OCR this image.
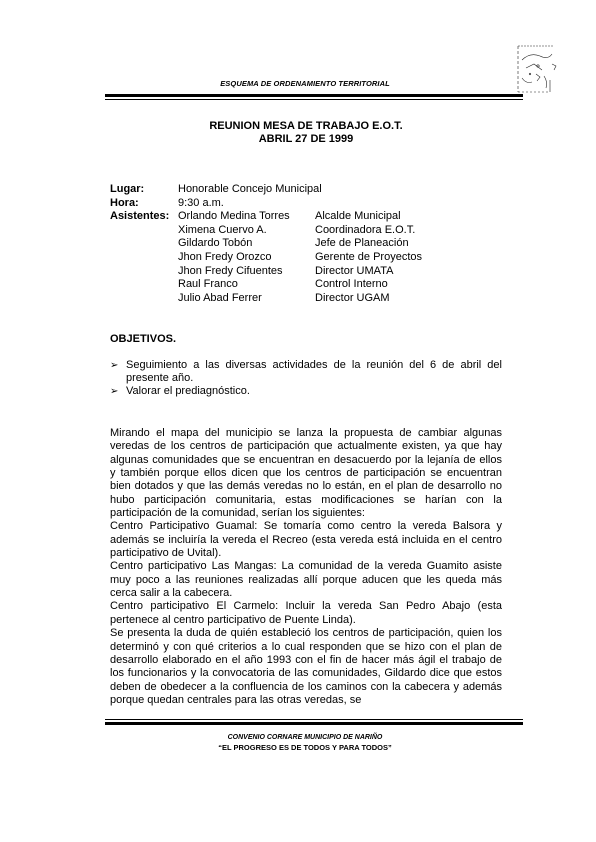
ESQUEMA DE ORDENAMIENTO TERRITORIAL
REUNION MESA DE TRABAJO E.O.T.
ABRIL 27 DE 1999
Lugar:	Honorable Concejo Municipal
Hora:	9:30 a.m.
Asistentes: Orlando Medina Torres	Alcalde Municipal
Ximena Cuervo A.	Coordinadora E.O.T.
Gildardo Tobón	Jefe de Planeación
Jhon Fredy Orozco	Gerente de Proyectos
Jhon Fredy Cifuentes	Director UMATA
Raul Franco	Control Interno
Julio Abad Ferrer	Director UGAM
OBJETIVOS.
➢ Seguimiento a las diversas actividades de la reunión del 6 de abril del presente año.
➢ Valorar el prediagnóstico.

Mirando el mapa del municipio se lanza la propuesta de cambiar algunas veredas de los centros de participación que actualmente existen, ya que hay algunas comunidades que se encuentran en desacuerdo por la lejanía de ellos y también porque ellos dicen que los centros de participación se encuentran bien dotados y que las demás veredas no lo están, en el plan de desarrollo no hubo participación comunitaria, estas modificaciones se harían con la participación de la comunidad, serían los siguientes:

Centro Participativo Guamal: Se tomaría como centro la vereda Balsora y además se incluiría la vereda el Recreo (esta vereda está incluida en el centro participativo de Uvital).

Centro participativo Las Mangas: La comunidad de la vereda Guamito asiste muy poco a las reuniones realizadas allí porque aducen que les queda más cerca salir a la cabecera.

Centro participativo El Carmelo: Incluir la vereda San Pedro Abajo (esta pertenece al centro participativo de Puente Linda).

Se presenta la duda de quién estableció los centros de participación, quien los determinó y con qué criterios a lo cual responden que se hizo con el plan de desarrollo elaborado en el año 1993 con el fin de hacer más ágil el trabajo de los funcionarios y la convocatoria de las comunidades, Gildardo dice que estos deben de obedecer a la confluencia de los caminos con la cabecera y además porque quedan centrales para las otras veredas, se

CONVENIO CORNARE MUNICIPIO DE NARIÑO
“EL PROGRESO ES DE TODOS Y PARA TODOS”
